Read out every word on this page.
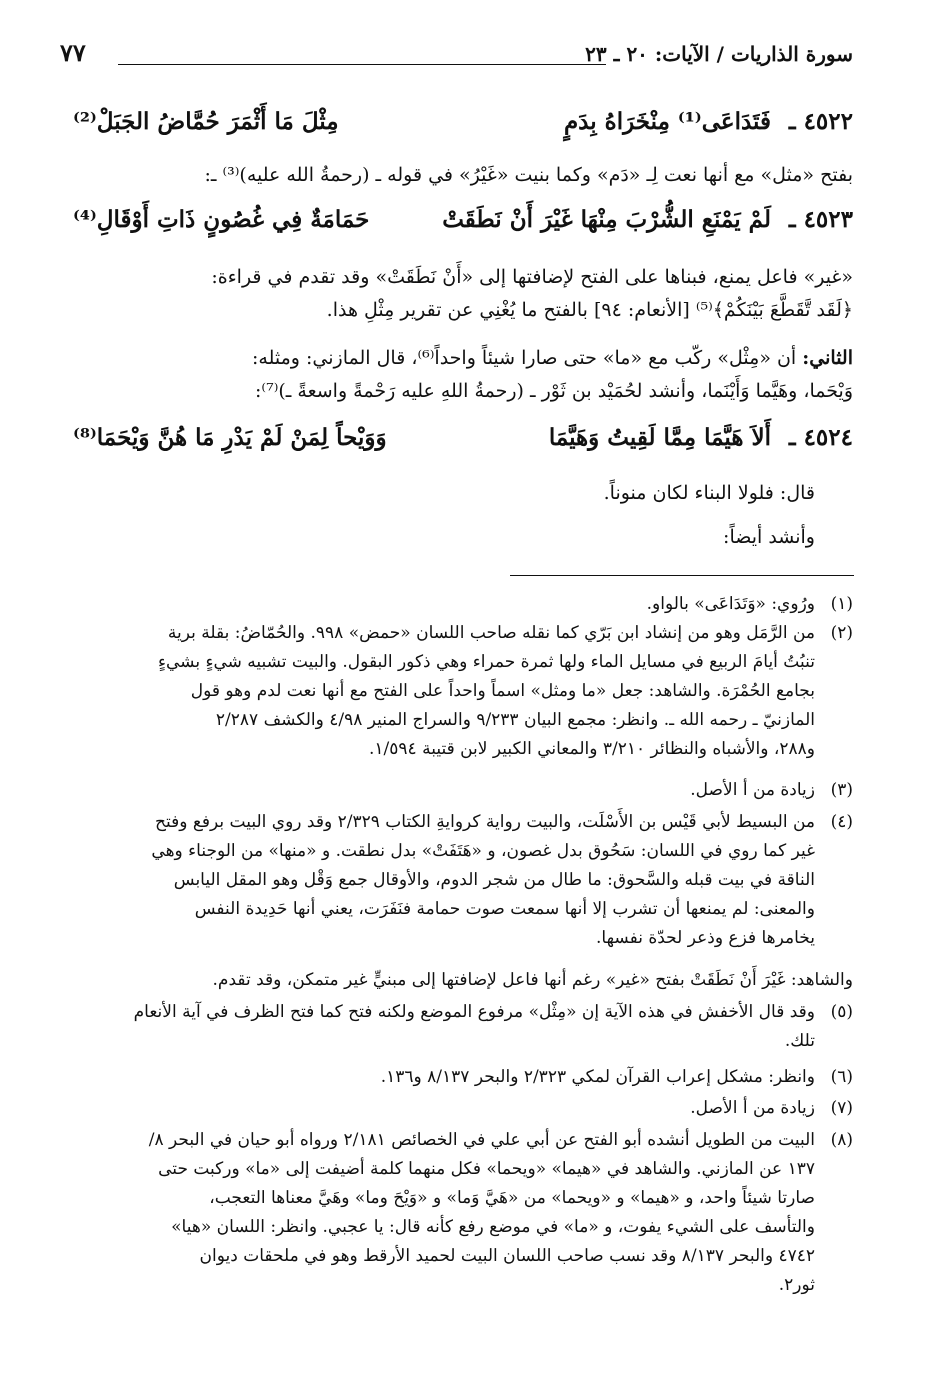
سورة الذاريات / الآيات: ٢٠ ـ ٢٣
٧٧
٤٥٢٢ ـ
فَتَدَاعَى⁽¹⁾ مِنْخَرَاهُ بِدَمٍ
مِثْلَ مَا أَثْمَرَ حُمَّاضُ الجَبَلْ⁽²⁾
بفتح «مثل» مع أنها نعت لِـ «دَم» وكما بنيت «غَيْرُ» في قوله ـ (رحمةُ الله عليه)⁽³⁾ ـ:
٤٥٢٣ ـ
لَمْ يَمْنَعِ الشُّرْبَ مِنْهَا غَيْرَ أَنْ نَطَقَتْ
حَمَامَةٌ فِي غُصُونٍ ذَاتِ أَوْقَالِ⁽⁴⁾
«غير» فاعل يمنع، فبناها على الفتح لإضافتها إلى «أَنْ نَطَقَتْ» وقد تقدم في قراءة:
﴿لَقَد تَّقَطَّعَ بَيْنَكُمْ﴾⁽⁵⁾ [الأنعام: ٩٤] بالفتح ما يُغْنِي عن تقرير مِثْلِ هذا.
الثاني: أن «مِثْل» ركّب مع «ما» حتى صارا شيئاً واحداً⁽⁶⁾، قال المازني: ومثله:
وَيْحَما، وهَيَّما وَأَيْنَما، وأنشد لحُمَيْد بن ثَوْر ـ (رحمةُ اللهِ عليه رَحْمةً واسعةً ـ)⁽⁷⁾:
٤٥٢٤ ـ
أَلاَ هَيَّمَا مِمَّا لَقِيتُ وَهَيَّمَا
وَوَيْحاً لِمَنْ لَمْ يَدْرِ مَا هُنَّ وَيْحَمَا⁽⁸⁾
قال: فلولا البناء لكان منوناً.
وأنشد أيضاً:
(١)
ورُوي: «وَتَدَاعَى» بالواو.
(٢)
من الرَّمَل وهو من إنشاد ابن بَرّي كما نقله صاحب اللسان «حمض» ٩٩٨. والحُمّاضُ: بقلة برية
تنبُتُ أيامَ الربيع في مسايل الماء ولها ثمرة حمراء وهي ذكور البقول. والبيت تشبيه شيءٍ بشيءٍ
بجامع الحُمْرَة. والشاهد: جعل «ما ومثل» اسماً واحداً على الفتح مع أنها نعت لدم وهو قول
المازنيّ ـ رحمه الله ـ. وانظر: مجمع البيان ٩/٢٣٣ والسراج المنير ٤/٩٨ والكشف ٢/٢٨٧
و٢٨٨، والأشباه والنظائر ٣/٢١٠ والمعاني الكبير لابن قتيبة ١/٥٩٤.
(٣)
زيادة من أ الأصل.
(٤)
من البسيط لأبي قَيْس بن الأَسْلَت، والبيت رواية كروايةِ الكتاب ٢/٣٢٩ وقد روي البيت برفع وفتح
غير كما روي في اللسان: سَحُوق بدل غصون، و «هَتَفَتْ» بدل نطقت. و «منها» من الوجناء وهي
الناقة في بيت قبله والسَّحوق: ما طال من شجر الدوم، والأوقال جمع وَقْل وهو المقل اليابس
والمعنى: لم يمنعها أن تشرب إلا أنها سمعت صوت حمامة فنَفَرَت، يعني أنها حَدِيدة النفس
يخامرها فزع وذعر لحدّة نفسها.
والشاهد: غَيْرَ أَنْ نَطَقَتْ بفتح «غير» رغم أنها فاعل لإضافتها إلى مبنيٍّ غير متمكن، وقد تقدم.
(٥)
وقد قال الأخفش في هذه الآية إن «مِثْل» مرفوع الموضع ولكنه فتح كما فتح الظرف في آية الأنعام
تلك.
(٦)
وانظر: مشكل إعراب القرآن لمكي ٢/٣٢٣ والبحر ٨/١٣٧ و١٣٦.
(٧)
زيادة من أ الأصل.
(٨)
البيت من الطويل أنشده أبو الفتح عن أبي علي في الخصائص ٢/١٨١ ورواه أبو حيان في البحر ٨/
١٣٧ عن المازني. والشاهد في «هيما» «ويحما» فكل منهما كلمة أضيفت إلى «ما» وركبت حتى
صارتا شيئاً واحد، و «هيما» و «ويحما» من «هَيَّ وَما» و «وَيْحَ وما» وهَيَّ معناها التعجب،
والتأسف على الشيء يفوت، و «ما» في موضع رفع كأنه قال: يا عجبي. وانظر: اللسان «هيا»
٤٧٤٢ والبحر ٨/١٣٧ وقد نسب صاحب اللسان البيت لحميد الأرقط وهو في ملحقات ديوان
ثور٢.
